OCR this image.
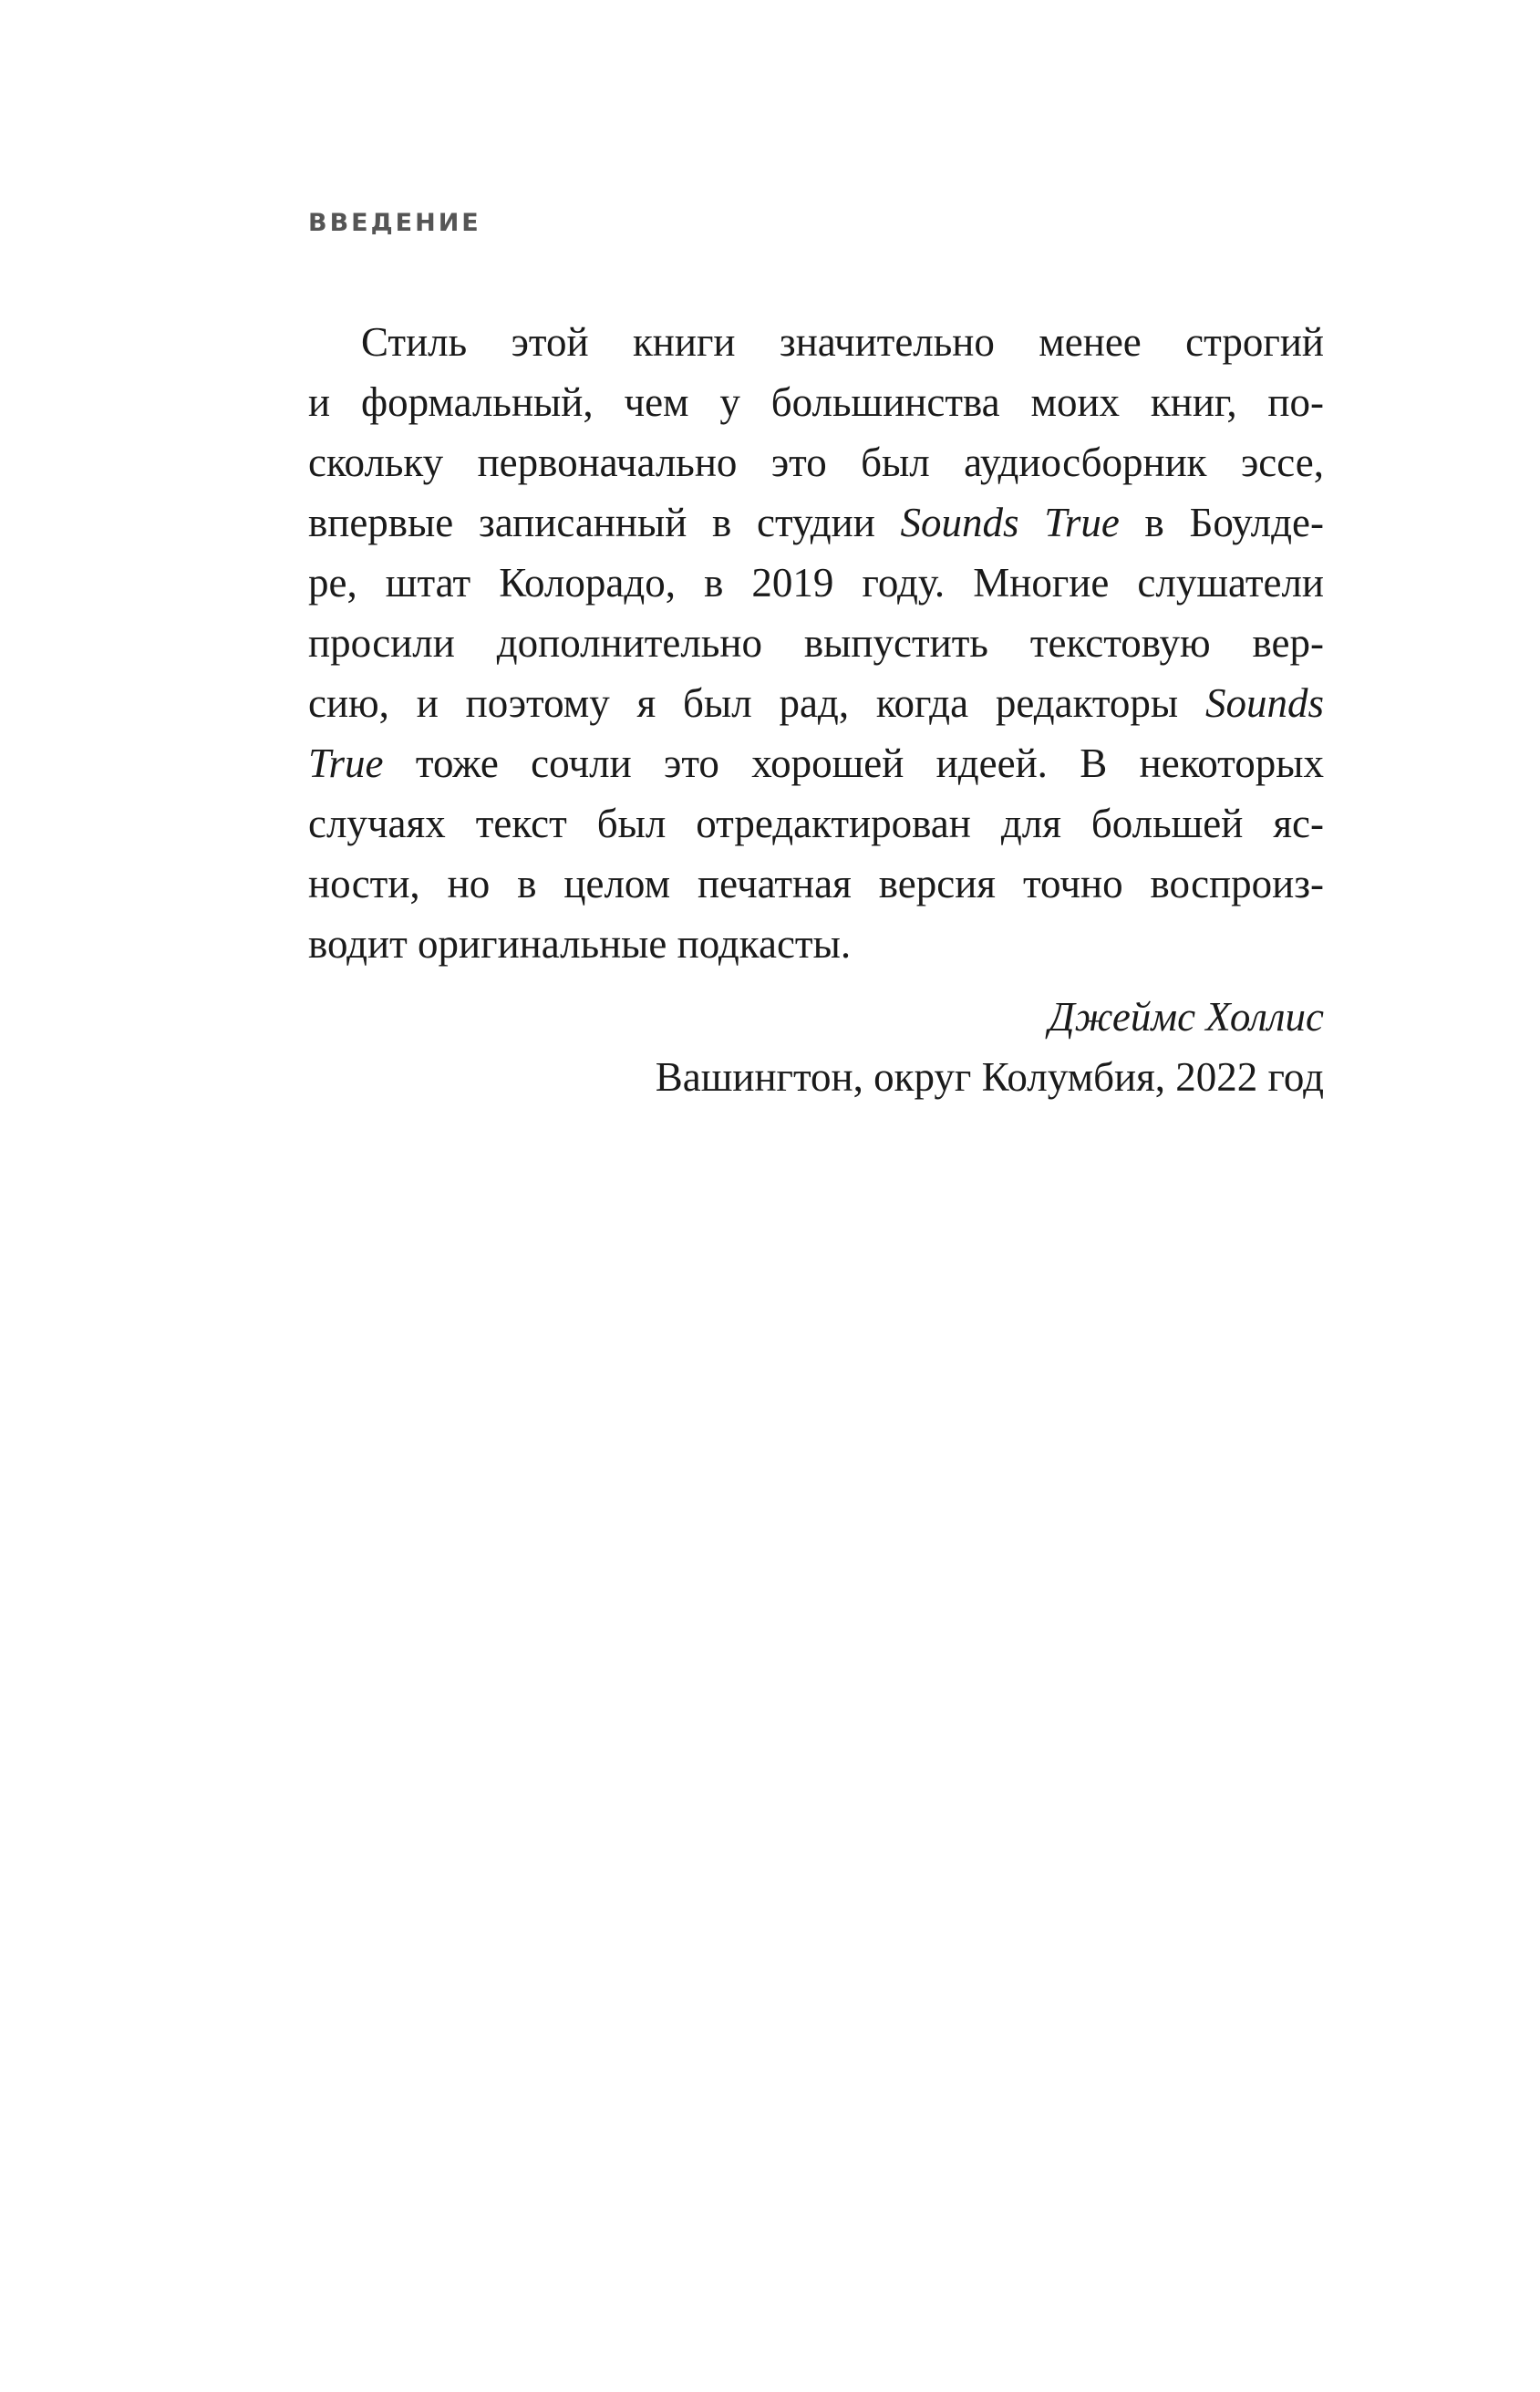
ВВЕДЕНИЕ
Стиль этой книги значительно менее строгий
и формальный, чем у большинства моих книг, по-
скольку первоначально это был аудиосборник эссе,
впервые записанный в студии Sounds True в Боулде-
ре, штат Колорадо, в 2019 году. Многие слушатели
просили дополнительно выпустить текстовую вер-
сию, и поэтому я был рад, когда редакторы Sounds
True тоже сочли это хорошей идеей. В некоторых
случаях текст был отредактирован для большей яс-
ности, но в целом печатная версия точно воспроиз-
водит оригинальные подкасты.
Джеймс Холлис
Вашингтон, округ Колумбия, 2022 год
